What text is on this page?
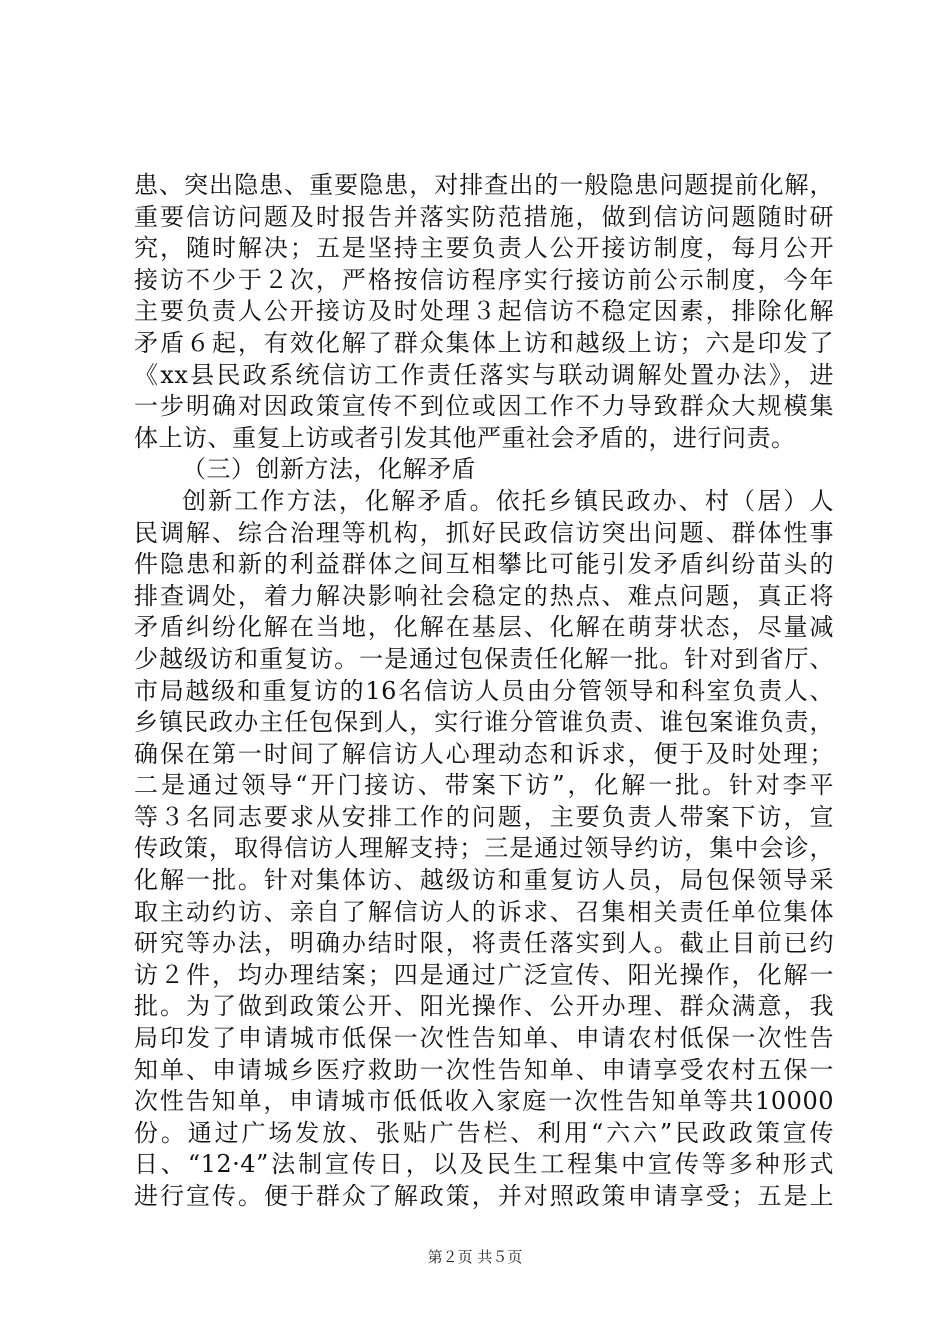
患、突出隐患、重要隐患，对排查出的一般隐患问题提前化解，
重要信访问题及时报告并落实防范措施，做到信访问题随时研
究，随时解决；五是坚持主要负责人公开接访制度，每月公开
接访不少于２次，严格按信访程序实行接访前公示制度，今年
主要负责人公开接访及时处理３起信访不稳定因素，排除化解
矛盾６起，有效化解了群众集体上访和越级上访；六是印发了
《xx县民政系统信访工作责任落实与联动调解处置办法》，进
一步明确对因政策宣传不到位或因工作不力导致群众大规模集
体上访、重复上访或者引发其他严重社会矛盾的，进行问责。
（三）创新方法，化解矛盾
创新工作方法，化解矛盾。依托乡镇民政办、村（居）人
民调解、综合治理等机构，抓好民政信访突出问题、群体性事
件隐患和新的利益群体之间互相攀比可能引发矛盾纠纷苗头的
排查调处，着力解决影响社会稳定的热点、难点问题，真正将
矛盾纠纷化解在当地，化解在基层、化解在萌芽状态，尽量减
少越级访和重复访。一是通过包保责任化解一批。针对到省厅、
市局越级和重复访的16名信访人员由分管领导和科室负责人、
乡镇民政办主任包保到人，实行谁分管谁负责、谁包案谁负责，
确保在第一时间了解信访人心理动态和诉求，便于及时处理；
二是通过领导“开门接访、带案下访”，化解一批。针对李平
等３名同志要求从安排工作的问题，主要负责人带案下访，宣
传政策，取得信访人理解支持；三是通过领导约访，集中会诊，
化解一批。针对集体访、越级访和重复访人员，局包保领导采
取主动约访、亲自了解信访人的诉求、召集相关责任单位集体
研究等办法，明确办结时限，将责任落实到人。截止目前已约
访２件，均办理结案；四是通过广泛宣传、阳光操作，化解一
批。为了做到政策公开、阳光操作、公开办理、群众满意，我
局印发了申请城市低保一次性告知单、申请农村低保一次性告
知单、申请城乡医疗救助一次性告知单、申请享受农村五保一
次性告知单，申请城市低低收入家庭一次性告知单等共10000
份。通过广场发放、张贴广告栏、利用“六六”民政政策宣传
日、“12·4”法制宣传日，以及民生工程集中宣传等多种形式
进行宣传。便于群众了解政策，并对照政策申请享受；五是上
第２页 共５页
